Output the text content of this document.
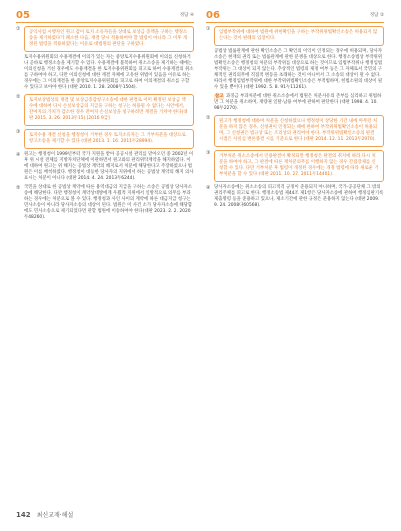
05	정답 ④
①
공익사업 시행자인 원고 갑이 토지 소유자들을 상대로 보상금 증액을 구하는 행정소송을 제기하였다가 패소한 다음, 재결 당시 적용하여야 할 법령이 아니라 그 이후 개정된 법령을 적용하였다는 이유로 대법원의 판단을 구하였다.
토지수용위원회의 수용재결에 이의가 있는 자는 중앙토지수용위원회에 이의를 신청하거나 곧바로 행정소송을 제기할 수 있다. 수용재결에 불복하여 취소소송을 제기하는 때에는 이의신청을 거친 경우에도 수용재결을 한 토지수용위원회를 피고로 하여 수용재결의 취소를 구하여야 하고, 다만 이의신청에 대한 재결 자체에 고유한 위법이 있음을 이유로 하는 경우에는 그 이의재결을 한 중앙토지수용위원회를 피고로 하여 이의재결의 취소를 구할 수 있다고 보아야 한다 (대판 2010. 1. 28. 2008두1504).
②
토지보상법상의 재결 및 보상금증감청구소송에 대한 판결로 이미 확정된 보상금 액수에 대하여 다시 손실보상금의 지급을 구하는 청구는 허용될 수 없다는 사안에서, 잔여지의 가치가 감소한 경우 잔여지 손실보상을 청구하려면 재결을 거쳐야 한다(대판 2015. 3. 26. 2013두15).[2016 9급]
③
토지수용 재결 신청을 행정청이 거부한 경우 토지소유자는 그 거부처분을 대상으로 항고소송을 제기할 수 있다 (대판 2013. 1. 16. 2011두28994).
④ 원고는 행정청이 1999년부터 국가 지원을 받아 공공시설 관리를 맡아오던 중 2002년 이후 위 시설 전체를 지방자치단체에 이관하면서 원고와의 관리위탁계약을 해지하였다. 이에 대하여 원고는 위 해지는 공법상 계약의 해지로서 처분에 해당한다고 주장하였으나 법원은 이를 배척하였다. 행정청이 대등한 당사자의 지위에서 하는 공법상 계약의 해지 의사표시는 처분이 아니다 (대판 2014. 4. 24. 2013두6244).
⑤ 국민을 상대로 한 공법상 계약에 따른 용역대금의 지급을 구하는 소송은 공법상 당사자소송에 해당한다. 다만 행정청이 계약상대방에게 우월적 지위에서 일방적으로 의무를 부과하는 경우에는 처분으로 볼 수 있다. 행정청과 사인 사이의 계약에 따른 대금지급 청구는 민사소송이 아니라 당사자소송의 대상이 된다. 법원은 이 사건 소가 당사자소송에 해당함에도 민사소송으로 제기되었다면 관할 법원에 이송하여야 한다(대판 2023. 2. 2. 2020두48260).
06	정답 ②
①
입법부작위에 대하여 법원에 위헌확인을 구하는 부작위위법확인소송은 허용되지 않는다는 것이 판례의 입장이다.
공법상 법률관계에 관한 확인소송은 그 확인의 이익이 인정되는 경우에 허용되며, 당사자소송은 현재의 권리 또는 법률관계에 관한 분쟁을 대상으로 한다. 행정소송법상 부작위위법확인소송은 행정청의 처분의 부작위를 대상으로 하는 것이므로 입법부작위나 행정입법부작위는 그 대상이 되지 않는다. 추상적인 법령의 제정 여부 등은 그 자체로서 국민의 구체적인 권리의무에 직접적 변동을 초래하는 것이 아니어서 그 소송의 대상이 될 수 없다. 따라서 행정입법부작위에 대한 부작위위법확인소송은 부적법하며, 헌법소원의 대상이 될 수 있을 뿐이다 (대판 1992. 5. 8. 91누11261).
참고 과징금 부과처분에 대한 취소소송에서 법원은 처분사유의 존부를 심리하고 위법하면 그 처분을 취소하며, 재량권 일탈·남용 여부에 관하여 판단한다 (대판 1998. 4. 10. 98두2270).
②
원고가 행정청에 대하여 처분을 신청하였으나 행정청이 상당한 기간 내에 아무런 처분을 하지 않은 경우, 신청권이 인정되는 때에 한하여 부작위위법확인소송이 허용되며, 그 신청권은 법규상 또는 조리상의 권리여야 한다. 부작위위법확인소송의 판결 시점은 사실심 변론종결 시를 기준으로 한다 (대판 2014. 12. 11. 2013두2970).
③
거부처분 취소소송에서 인용판결이 확정되면 행정청은 판결의 취지에 따라 다시 처분을 하여야 하고, 그 판결에 따른 재처분의무를 이행하지 않는 경우 간접강제를 신청할 수 있다. 다만 거부처분 후 법령이 개정된 경우에는 개정 법령에 따라 새로운 거부처분을 할 수 있다 (대판 2011. 10. 27. 2011두14401).
④ 당사자소송에는 취소소송의 피고적격 규정이 준용되지 아니하며, 국가·공공단체 그 밖의 권리주체를 피고로 한다. 행정소송법 제44조 제1항은 당사자소송에 관하여 행정심판기록 제출명령 등을 준용하고 있으나, 제소기간에 관한 규정은 준용하지 않는다 (대판 2009. 9. 24. 2008다60568).
142 최신교재·해설
